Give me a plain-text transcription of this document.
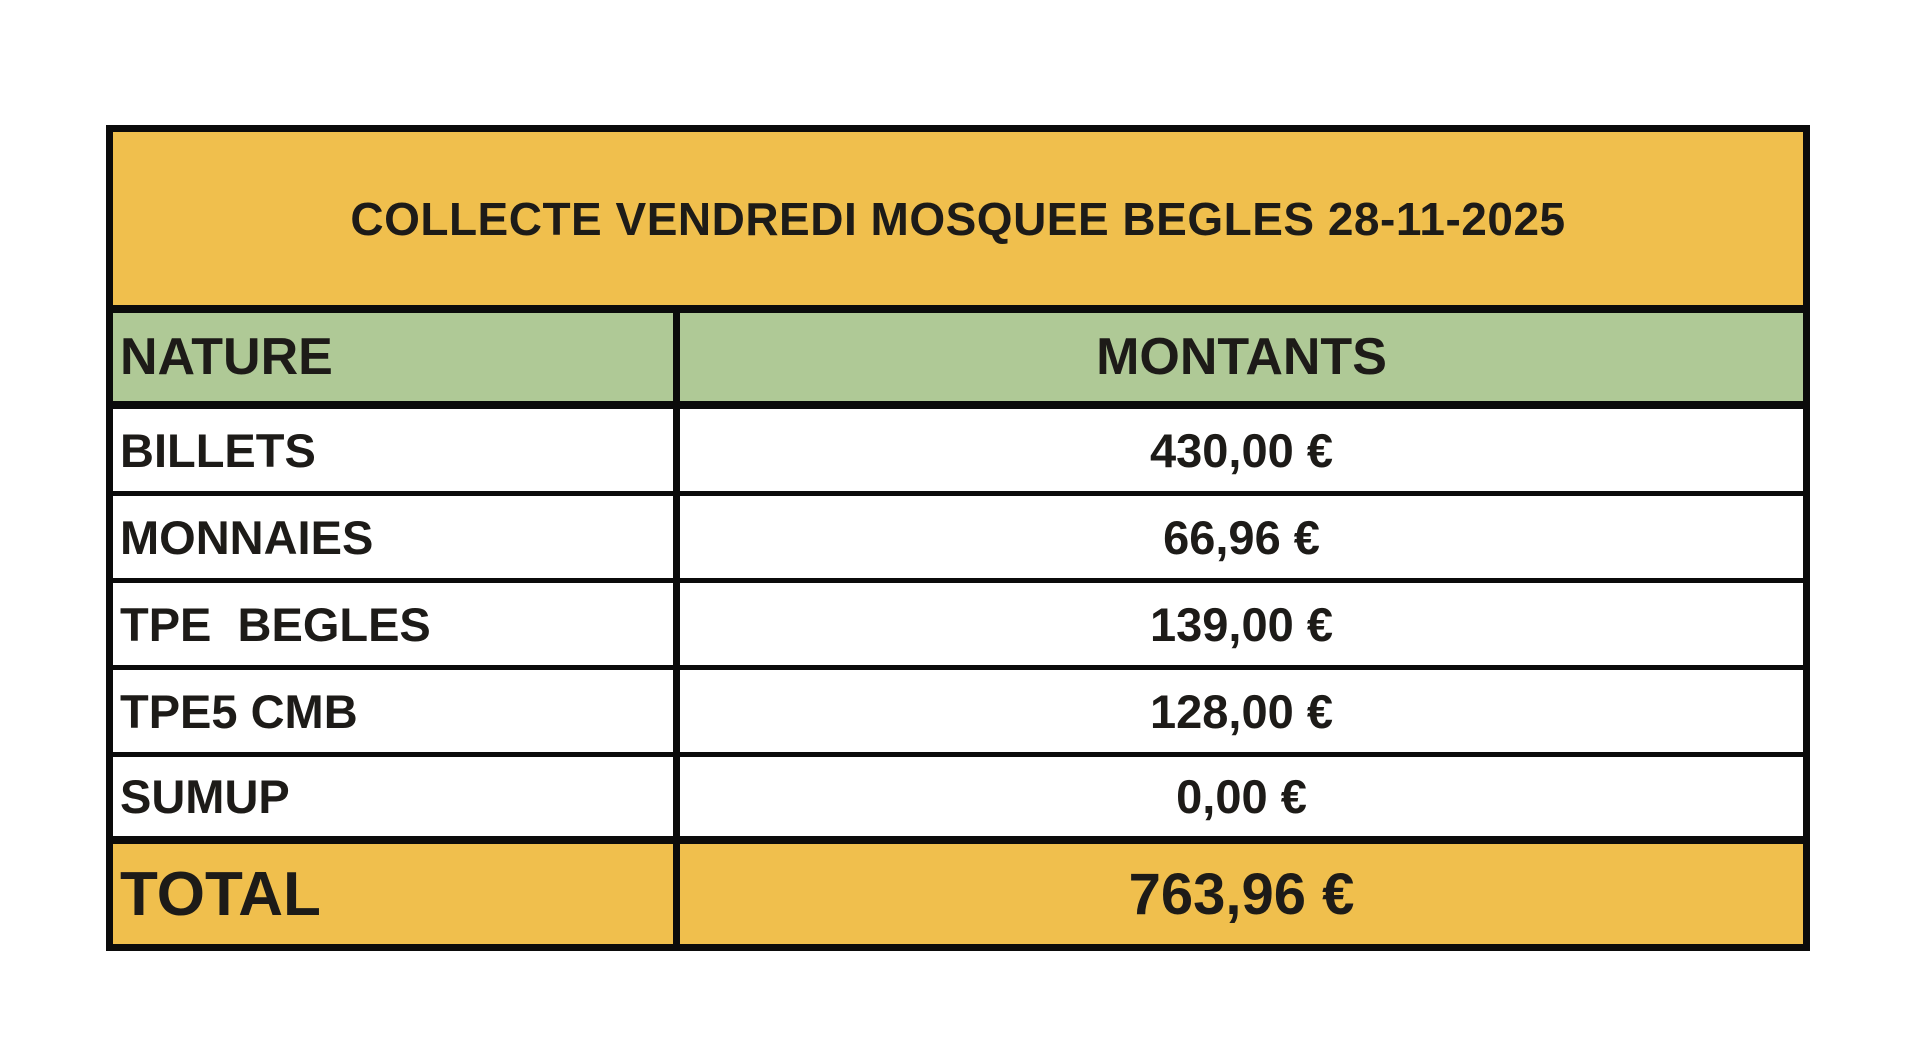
COLLECTE VENDREDI MOSQUEE BEGLES 28-11-2025
NATURE	MONTANTS
BILLETS	430,00 €
MONNAIES	66,96 €
TPE  BEGLES	139,00 €
TPE5 CMB	128,00 €
SUMUP	0,00 €
TOTAL	763,96 €
